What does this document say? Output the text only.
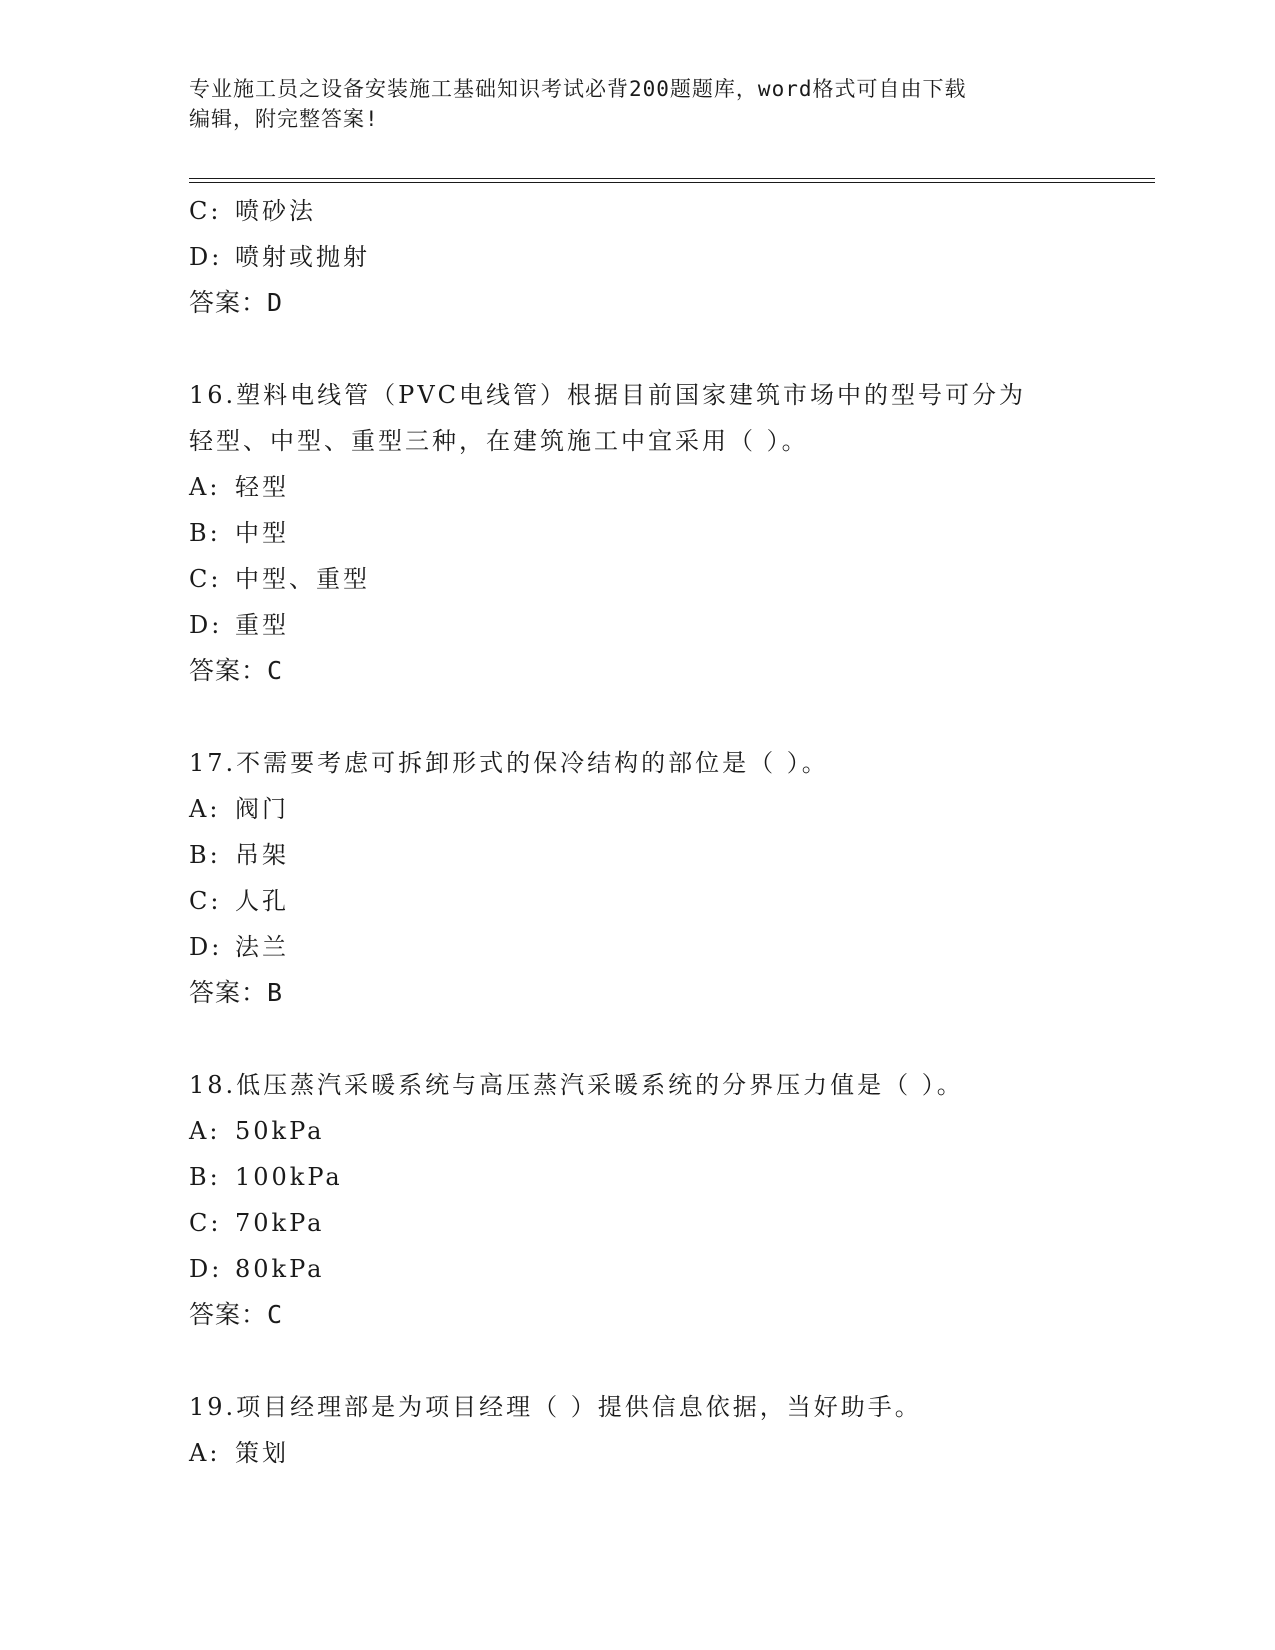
专业施工员之设备安装施工基础知识考试必背200题题库，word格式可自由下载
编辑，附完整答案!
C: 喷砂法
D: 喷射或抛射
答案：D
16.塑料电线管（PVC电线管）根据目前国家建筑市场中的型号可分为
轻型、中型、重型三种，在建筑施工中宜采用（ ）。
A: 轻型
B: 中型
C: 中型、重型
D: 重型
答案：C
17.不需要考虑可拆卸形式的保冷结构的部位是（ ）。
A: 阀门
B: 吊架
C: 人孔
D: 法兰
答案：B
18.低压蒸汽采暖系统与高压蒸汽采暖系统的分界压力值是（ ）。
A: 50kPa
B: 100kPa
C: 70kPa
D: 80kPa
答案：C
19.项目经理部是为项目经理（ ）提供信息依据，当好助手。
A: 策划
